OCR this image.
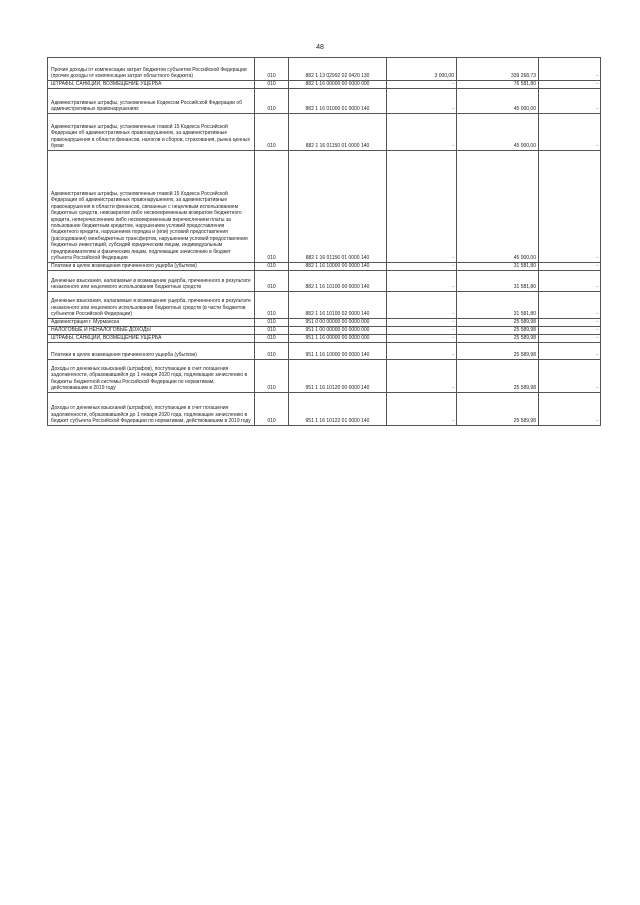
48
Прочие доходы от компенсации затрат бюджетов субъектов Российской Федерации (прочие доходы от компенсации затрат областного бюджета)	010	882 1 13 02992 02 0420 130	3 000,00	339 268,73	-
ШТРАФЫ, САНКЦИИ, ВОЗМЕЩЕНИЕ УЩЕРБА	010	882 1 16 00000 00 0000 000	-	76 581,80	-
Административные штрафы, установленные Кодексом Российской Федерации об административных правонарушениях	010	882 1 16 01000 01 0000 140	-	45 000,00	-
Административные штрафы, установленные главой 15 Кодекса Российской Федерации об административных правонарушениях, за административные правонарушения в области финансов, налогов и сборов, страхования, рынка ценных бумаг	010	882 1 16 01150 01 0000 140	-	45 000,00	-
Административные штрафы, установленные главой 15 Кодекса Российской Федерации об административных правонарушениях, за административные правонарушения в области финансов, связанные с нецелевым использованием бюджетных средств, невозвратом либо несвоевременным возвратом бюджетного кредита, неперечислением либо несвоевременным перечислением платы за пользование бюджетным кредитом, нарушением условий предоставления бюджетного кредита, нарушением порядка и (или) условий предоставления (расходования) межбюджетных трансфертов, нарушением условий предоставления бюджетных инвестиций, субсидий юридическим лицам, индивидуальным предпринимателям и физическим лицам, подлежащие зачислению в бюджет субъекта Российской Федерации	010	882 1 16 01156 01 0000 140	-	45 000,00	-
Платежи в целях возмещения причиненного ущерба (убытков)	010	882 1 16 10000 00 0000 140	-	31 581,80	-
Денежные взыскания, налагаемые в возмещение ущерба, причиненного в результате незаконного или нецелевого использования бюджетных средств	010	882 1 16 10100 00 0000 140	-	31 581,80	-
Денежные взыскания, налагаемые в возмещение ущерба, причиненного в результате незаконного или нецелевого использования бюджетных средств (в части бюджетов субъектов Российской Федерации)	010	882 1 16 10100 02 0000 140	-	31 581,80	-
Администрация г. Мурманска	010	951 0 00 00000 00 0000 000	-	25 589,98	-
НАЛОГОВЫЕ И НЕНАЛОГОВЫЕ ДОХОДЫ	010	951 1 00 00000 00 0000 000	-	25 589,98	-
ШТРАФЫ, САНКЦИИ, ВОЗМЕЩЕНИЕ УЩЕРБА	010	951 1 16 00000 00 0000 000	-	25 589,98	-
Платежи в целях возмещения причиненного ущерба (убытков)	010	951 1 16 10000 00 0000 140	-	25 589,98	-
Доходы от денежных взысканий (штрафов), поступающие в счет погашения задолженности, образовавшейся до 1 января 2020 года, подлежащие зачислению в бюджеты бюджетной системы Российской Федерации по нормативам, действовавшим в 2019 году	010	951 1 16 10120 00 0000 140	-	25 589,98	-
Доходы от денежных взысканий (штрафов), поступающие в счет погашения задолженности, образовавшейся до 1 января 2020 года, подлежащие зачислению в бюджет субъекта Российской Федерации по нормативам, действовавшим в 2019 году	010	951 1 16 10122 01 0000 140	-	25 589,98	-
